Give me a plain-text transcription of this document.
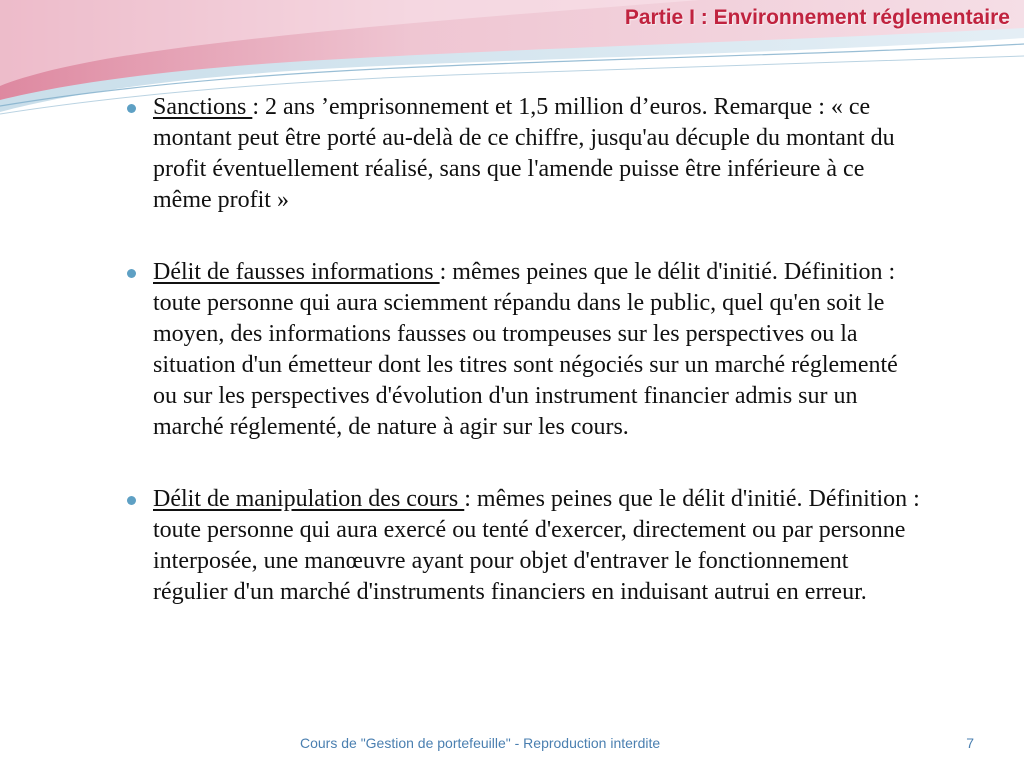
Partie I : Environnement réglementaire
Sanctions : 2 ans ’emprisonnement et 1,5 million d’euros. Remarque : « ce montant peut être porté au-delà de ce chiffre, jusqu'au décuple du montant du profit éventuellement réalisé, sans que l'amende puisse être inférieure à ce même profit »
Délit de fausses informations : mêmes peines que le délit d'initié. Définition : toute personne qui aura sciemment répandu dans le public, quel qu'en soit le moyen, des informations fausses ou trompeuses sur les perspectives ou la situation d'un émetteur dont les titres sont négociés sur un marché réglementé ou sur les perspectives d'évolution d'un instrument financier admis sur un marché réglementé, de nature à agir sur les cours.
Délit de manipulation des cours : mêmes peines que le délit d'initié. Définition : toute personne qui aura exercé ou tenté d'exercer, directement ou par personne interposée, une manœuvre ayant pour objet d'entraver le fonctionnement régulier d'un marché d'instruments financiers en induisant autrui en erreur.
Cours de "Gestion de portefeuille" - Reproduction interdite	7
